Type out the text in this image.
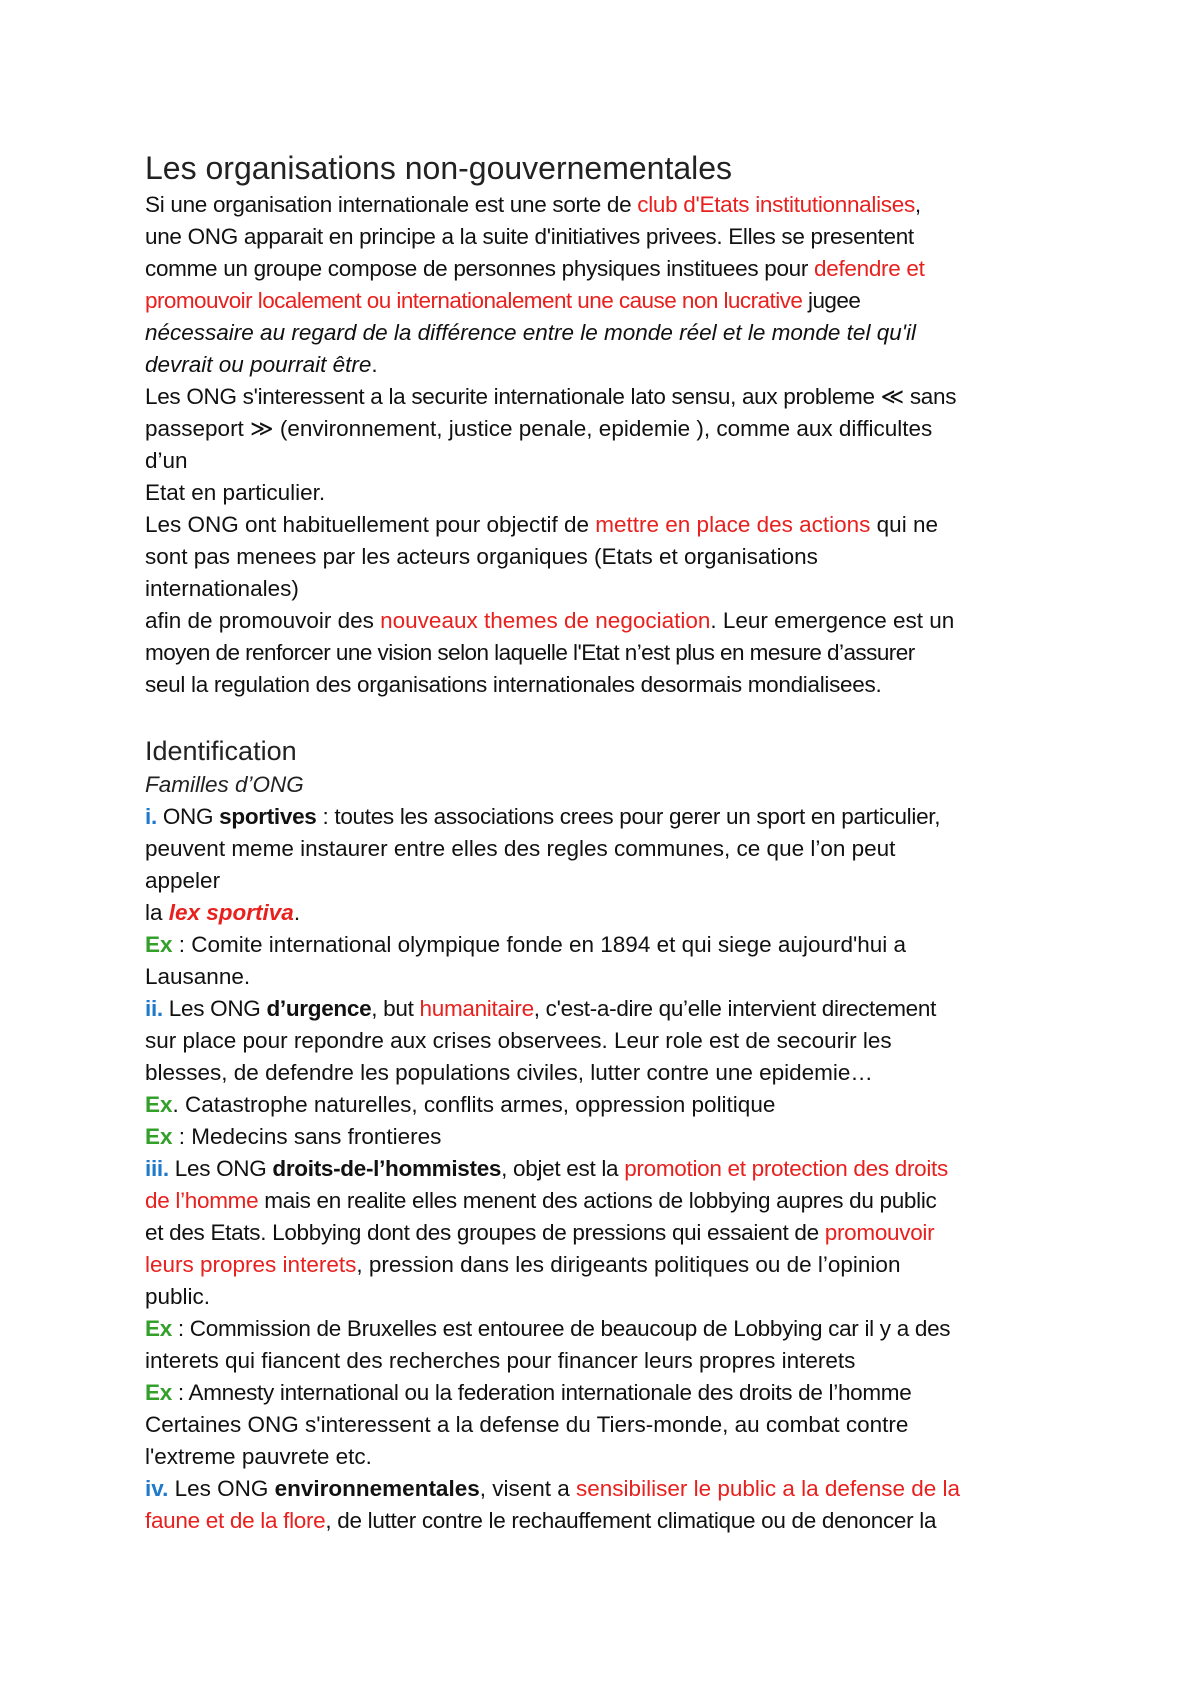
Les organisations non-gouvernementales
Si une organisation internationale est une sorte de club d'Etats institutionnalises,
une ONG apparait en principe a la suite d'initiatives privees. Elles se presentent
comme un groupe compose de personnes physiques instituees pour defendre et
promouvoir localement ou internationalement une cause non lucrative jugee
nécessaire au regard de la différence entre le monde réel et le monde tel qu'il
devrait ou pourrait être.
Les ONG s'interessent a la securite internationale lato sensu, aux probleme ≪ sans
passeport ≫ (environnement, justice penale, epidemie ), comme aux difficultes
d’un
Etat en particulier.
Les ONG ont habituellement pour objectif de mettre en place des actions qui ne
sont pas menees par les acteurs organiques (Etats et organisations
internationales)
afin de promouvoir des nouveaux themes de negociation. Leur emergence est un
moyen de renforcer une vision selon laquelle l'Etat n’est plus en mesure d’assurer
seul la regulation des organisations internationales desormais mondialisees.
Identification
Familles d’ONG
i. ONG sportives : toutes les associations crees pour gerer un sport en particulier,
peuvent meme instaurer entre elles des regles communes, ce que l’on peut
appeler
la lex sportiva.
Ex : Comite international olympique fonde en 1894 et qui siege aujourd'hui a
Lausanne.
ii. Les ONG d’urgence, but humanitaire, c'est-a-dire qu’elle intervient directement
sur place pour repondre aux crises observees. Leur role est de secourir les
blesses, de defendre les populations civiles, lutter contre une epidemie…
Ex. Catastrophe naturelles, conflits armes, oppression politique
Ex : Medecins sans frontieres
iii. Les ONG droits-de-l’hommistes, objet est la promotion et protection des droits
de l’homme mais en realite elles menent des actions de lobbying aupres du public
et des Etats. Lobbying dont des groupes de pressions qui essaient de promouvoir
leurs propres interets, pression dans les dirigeants politiques ou de l’opinion
public.
Ex : Commission de Bruxelles est entouree de beaucoup de Lobbying car il y a des
interets qui fiancent des recherches pour financer leurs propres interets
Ex : Amnesty international ou la federation internationale des droits de l’homme
Certaines ONG s'interessent a la defense du Tiers-monde, au combat contre
l'extreme pauvrete etc.
iv. Les ONG environnementales, visent a sensibiliser le public a la defense de la
faune et de la flore, de lutter contre le rechauffement climatique ou de denoncer la
